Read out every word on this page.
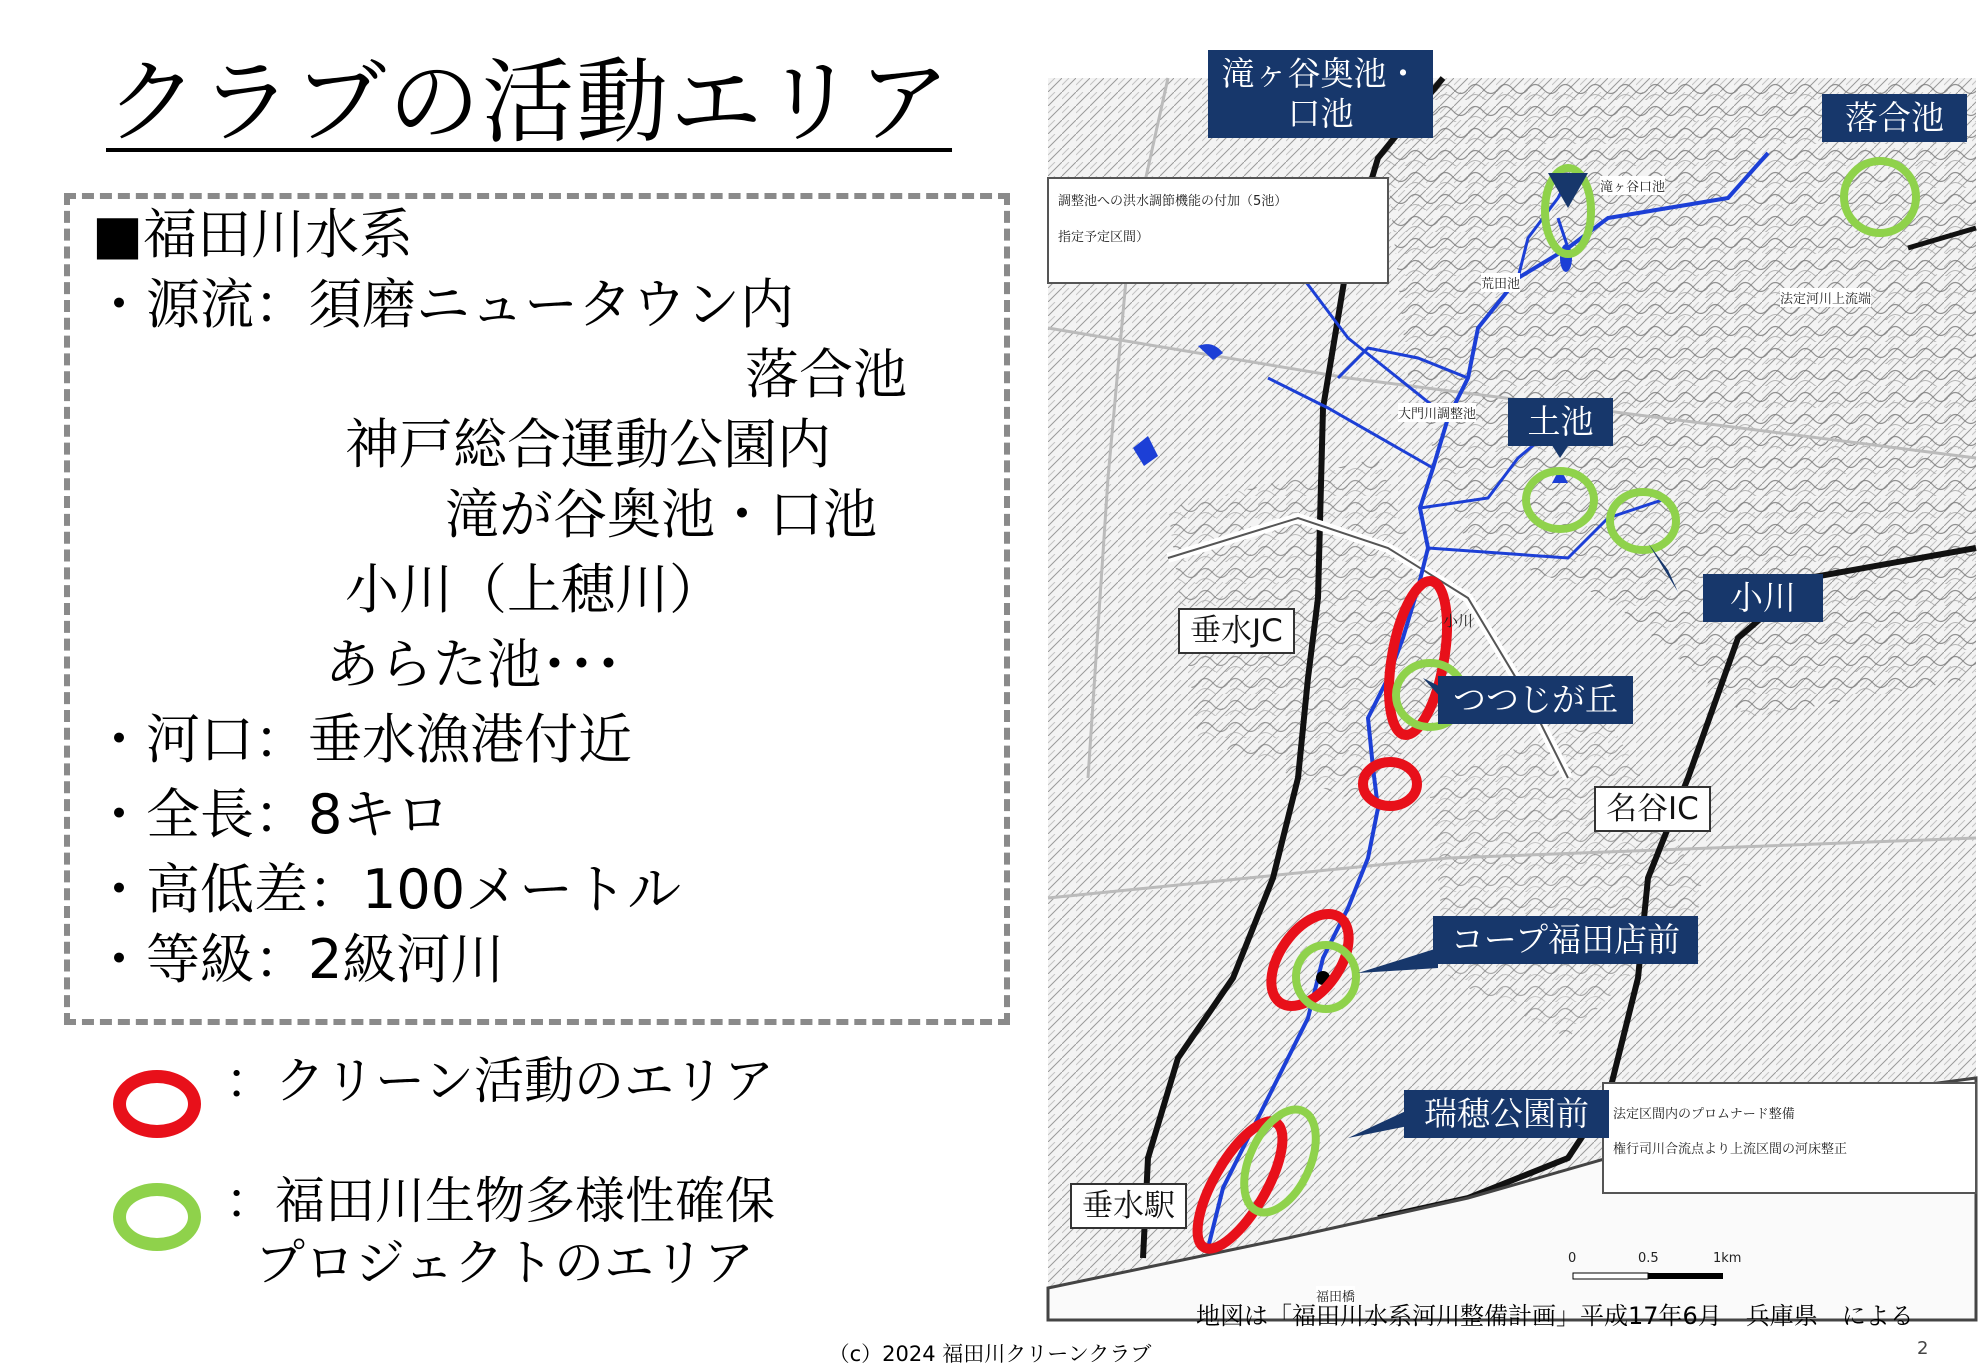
クラブの活動エリア
■福田川水系
・源流：須磨ニュータウン内
落合池
神戸総合運動公園内
滝が谷奥池・口池
小川（上穂川）
あらた池･･･
・河口：垂水漁港付近
・全長：8キロ
・高低差：100メートル
・等級：2級河川
：クリーン活動のエリア
：福田川生物多様性確保
プロジェクトのエリア
調整池への洪水調節機能の付加（5池）
指定予定区間）
法定区間内のプロムナード整備
権行司川合流点より上流区間の河床整正
滝ヶ谷口池
荒田池
大門川調整池
法定河川上流端
小川
福田橋
0	0.5	1km
滝ヶ谷奥池・
口池	落合池
土池
小川
つつじが丘
コープ福田店前
瑞穂公園前
垂水JC
名谷IC
垂水駅
地図は「福田川水系河川整備計画」平成17年6月　兵庫県　による
（c）2024 福田川クリーンクラブ	2
